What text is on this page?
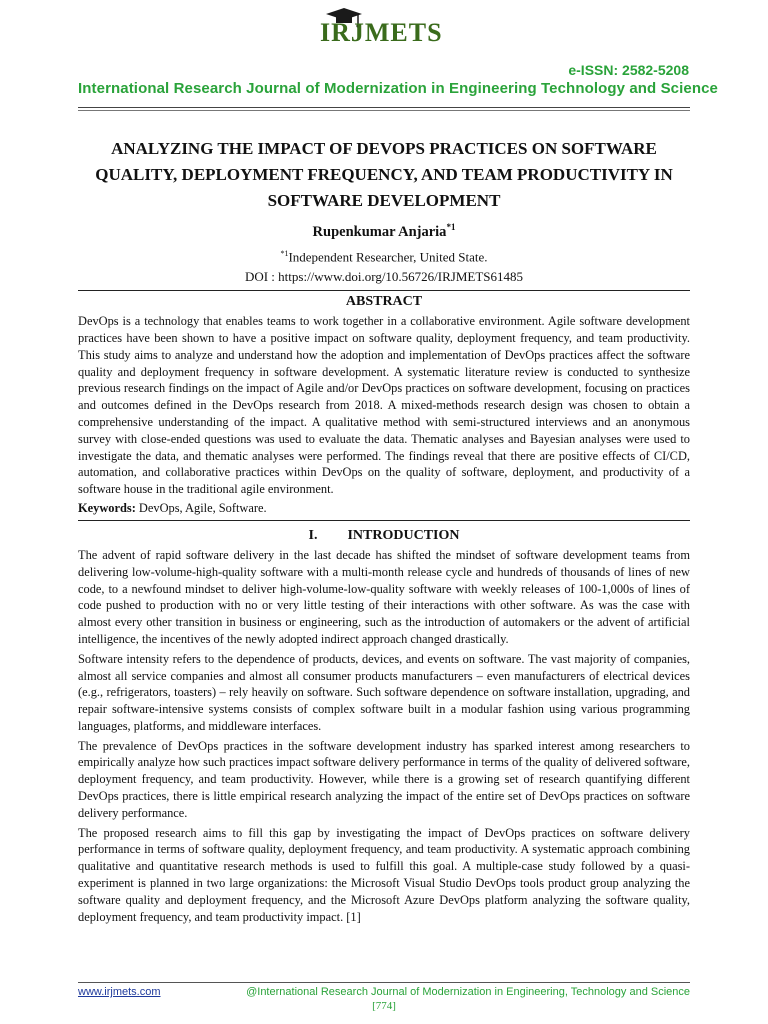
IRJMETS
e-ISSN: 2582-5208
International Research Journal of Modernization in Engineering Technology and Science
ANALYZING THE IMPACT OF DEVOPS PRACTICES ON SOFTWARE QUALITY, DEPLOYMENT FREQUENCY, AND TEAM PRODUCTIVITY IN SOFTWARE DEVELOPMENT
Rupenkumar Anjaria$^{*1}$
$^{*1}$Independent Researcher, United State.
DOI : https://www.doi.org/10.56726/IRJMETS61485
ABSTRACT

DevOps is a technology that enables teams to work together in a collaborative environment. Agile software development practices have been shown to have a positive impact on software quality, deployment frequency, and team productivity. This study aims to analyze and understand how the adoption and implementation of DevOps practices affect the software quality and deployment frequency in software development. A systematic literature review is conducted to synthesize previous research findings on the impact of Agile and/or DevOps practices on software development, focusing on practices and outcomes defined in the DevOps research from 2018. A mixed-methods research design was chosen to obtain a comprehensive understanding of the impact. A qualitative method with semi-structured interviews and an anonymous survey with close-ended questions was used to evaluate the data. Thematic analyses and Bayesian analyses were used to investigate the data, and thematic analyses were performed. The findings reveal that there are positive effects of CI/CD, automation, and collaborative practices within DevOps on the quality of software, deployment, and productivity of a software house in the traditional agile environment.

Keywords: DevOps, Agile, Software.
I. INTRODUCTION

The advent of rapid software delivery in the last decade has shifted the mindset of software development teams from delivering low-volume-high-quality software with a multi-month release cycle and hundreds of thousands of lines of new code, to a newfound mindset to deliver high-volume-low-quality software with weekly releases of 100-1,000s of lines of code pushed to production with no or very little testing of their interactions with other software. As was the case with almost every other transition in business or engineering, such as the introduction of automakers or the advent of artificial intelligence, the incentives of the newly adopted indirect approach changed drastically.

Software intensity refers to the dependence of products, devices, and events on software. The vast majority of companies, almost all service companies and almost all consumer products manufacturers – even manufacturers of electrical devices (e.g., refrigerators, toasters) – rely heavily on software. Such software dependence on software installation, upgrading, and repair software-intensive systems consists of complex software built in a modular fashion using various programming languages, platforms, and middleware interfaces.

The prevalence of DevOps practices in the software development industry has sparked interest among researchers to empirically analyze how such practices impact software delivery performance in terms of the quality of delivered software, deployment frequency, and team productivity. However, while there is a growing set of research quantifying different DevOps practices, there is little empirical research analyzing the impact of the entire set of DevOps practices on software delivery performance.

The proposed research aims to fill this gap by investigating the impact of DevOps practices on software delivery performance in terms of software quality, deployment frequency, and team productivity. A systematic approach combining qualitative and quantitative research methods is used to fulfill this goal. A multiple-case study followed by a quasi-experiment is planned in two large organizations: the Microsoft Visual Studio DevOps tools product group analyzing the software quality and deployment frequency, and the Microsoft Azure DevOps platform analyzing the software quality, deployment frequency, and team productivity impact. [1]

www.irjmets.com	@International Research Journal of Modernization in Engineering, Technology and Science
[774]
